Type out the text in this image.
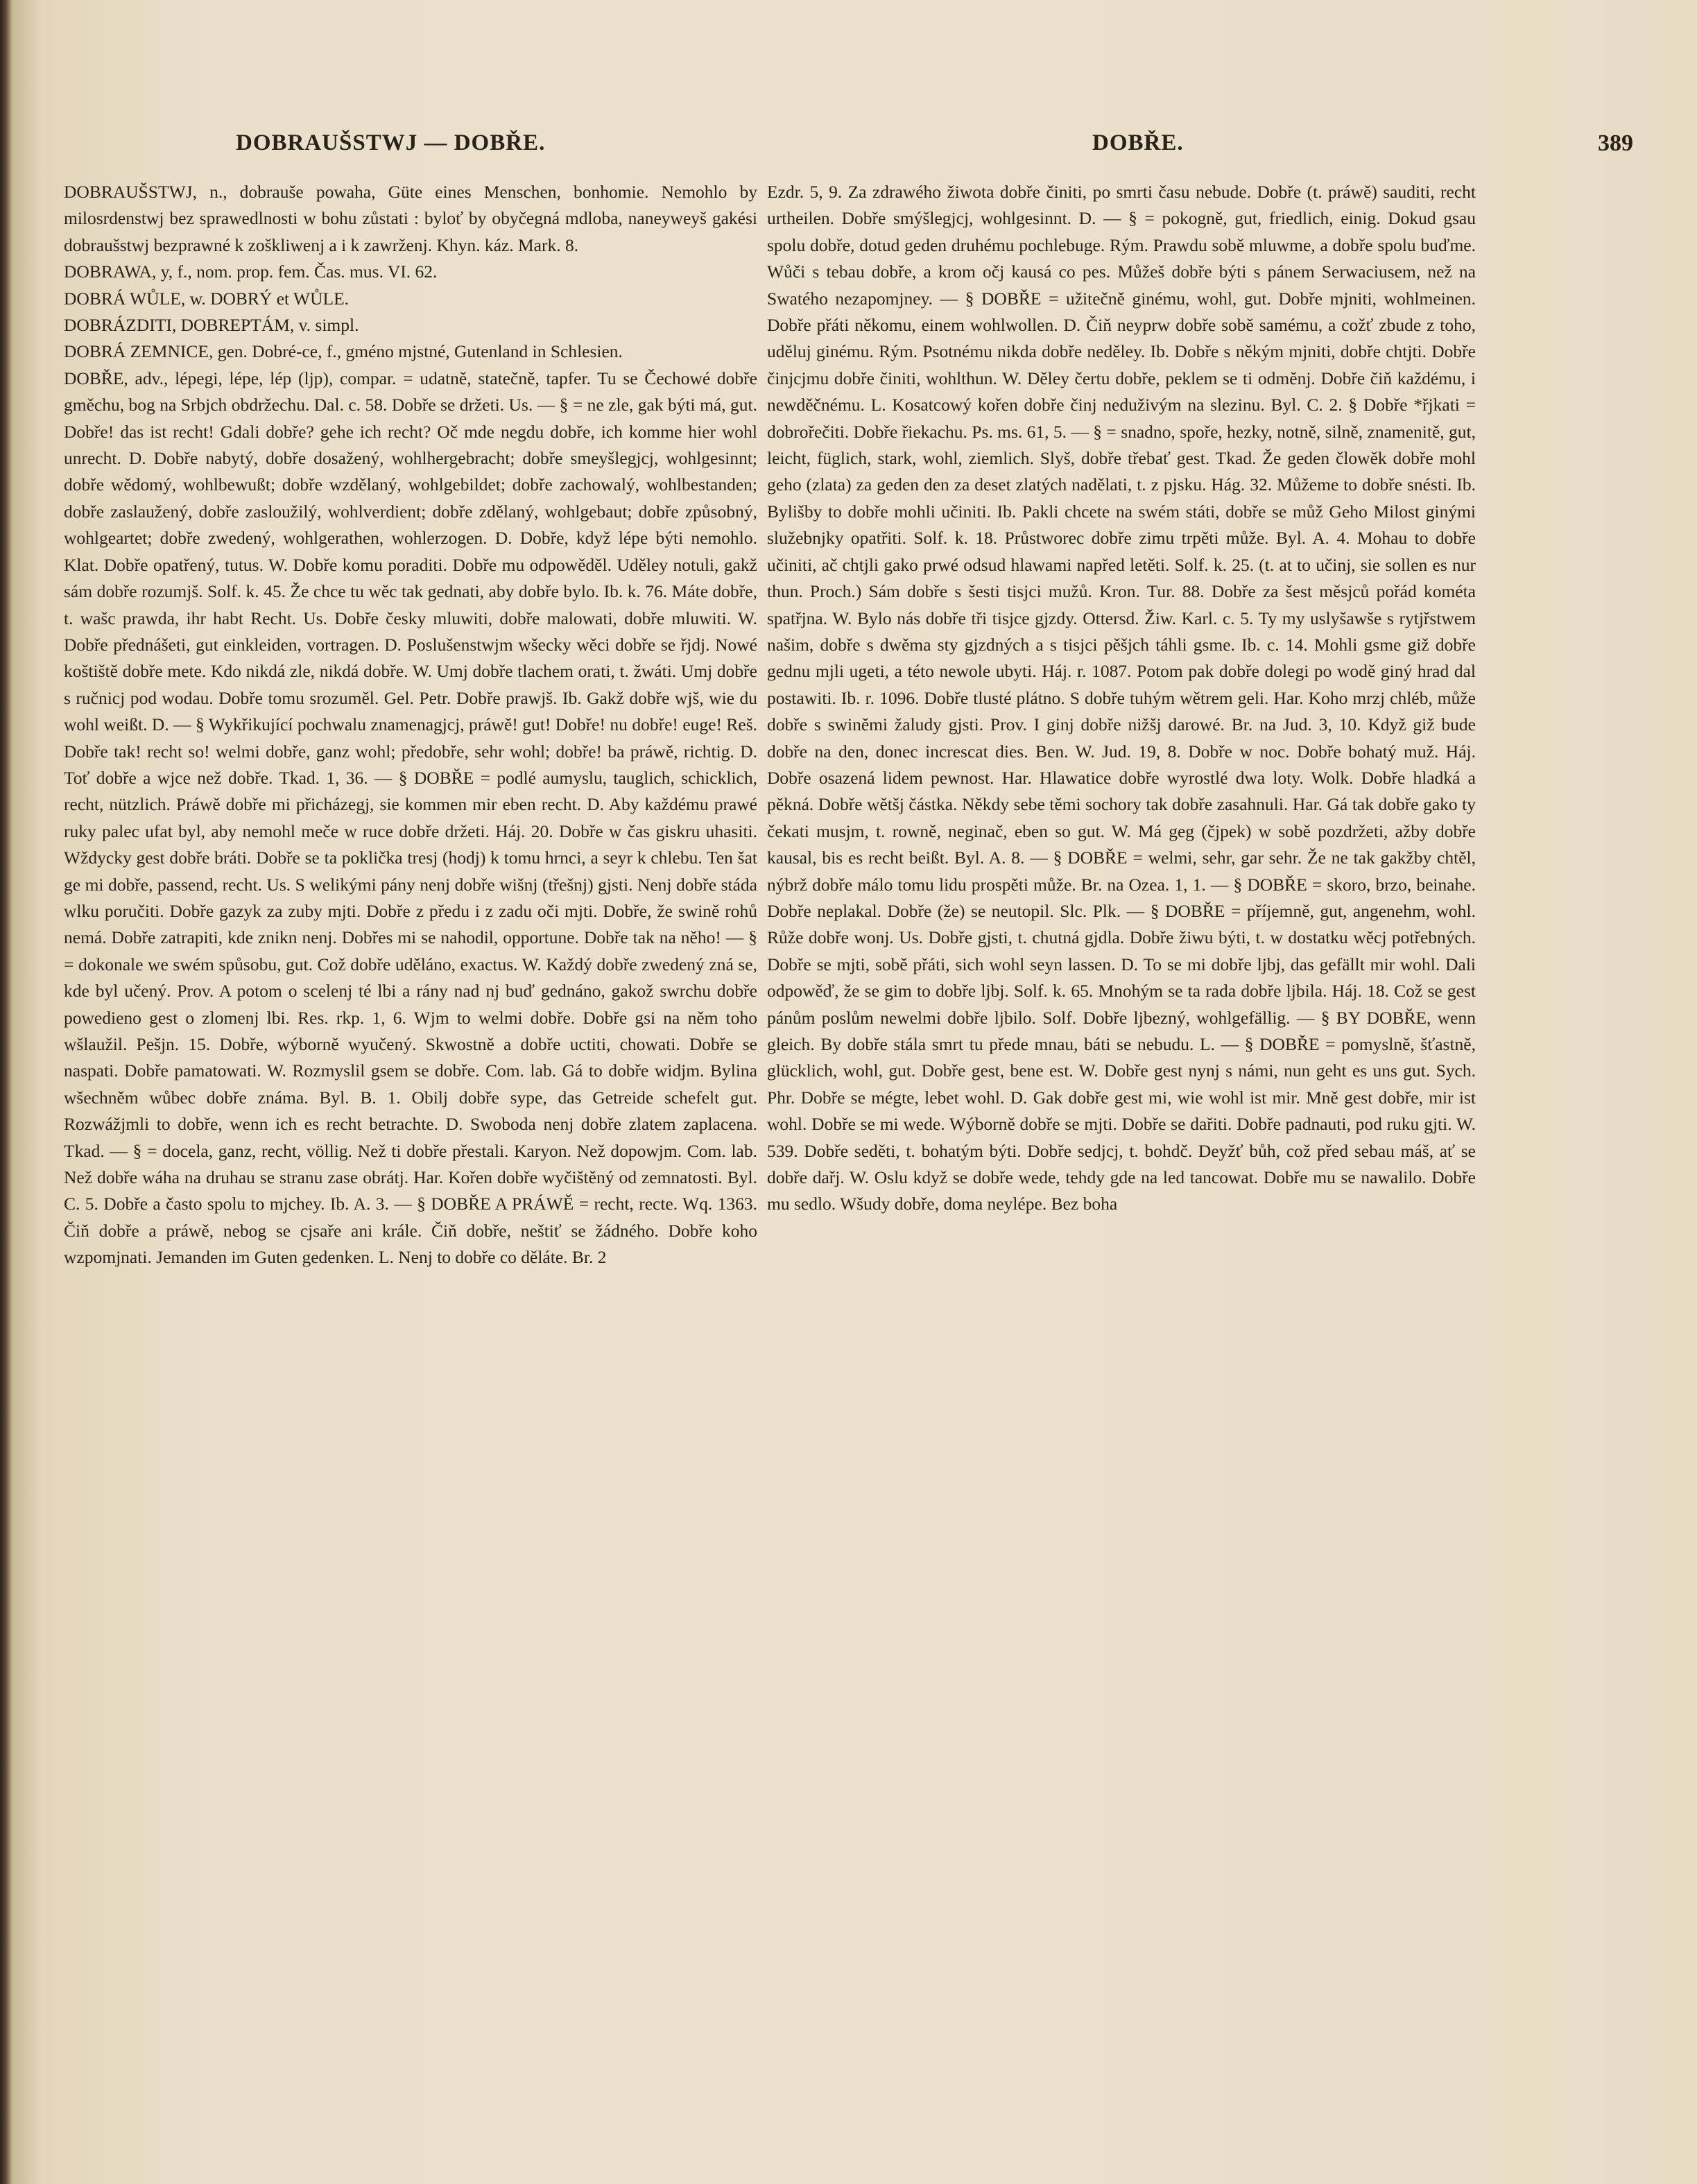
DOBRAUŠSTWJ — DOBŘE.	DOBŘE.	389

DOBRAUŠSTWJ, n., dobrauše powaha, Güte eines Menschen, bonhomie. Nemohlo by milosrdenstwj bez sprawedlnosti w bohu zůstati : byloť by obyčegná mdloba, naneyweyš gakési dobraušstwj bezprawné k zoškliwenj a i k zawrženj. Khyn. káz. Mark. 8.

DOBRAWA, y, f., nom. prop. fem. Čas. mus. VI. 62.

DOBRÁ WŮLE, w. DOBRÝ et WŮLE.

DOBRÁZDITI, DOBREPTÁM, v. simpl.

DOBRÁ ZEMNICE, gen. Dobré-ce, f., gméno mjstné, Gutenland in Schlesien.

DOBŘE, adv., lépegi, lépe, lép (ljp), compar. = udatně, statečně, tapfer. Tu se Čechowé dobře gměchu, bog na Srbjch obdržechu. Dal. c. 58. Dobře se držeti. Us. — § = ne zle, gak býti má, gut. Dobře! das ist recht! Gdali dobře? gehe ich recht? Oč mde negdu dobře, ich komme hier wohl unrecht. D. Dobře nabytý, dobře dosažený, wohlhergebracht; dobře smeyšlegjcj, wohlgesinnt; dobře wědomý, wohlbewußt; dobře wzdělaný, wohlgebildet; dobře zachowalý, wohlbestanden; dobře zaslaužený, dobře zasloužilý, wohlverdient; dobře zdělaný, wohlgebaut; dobře způsobný, wohlgeartet; dobře zwedený, wohlgerathen, wohlerzogen. D. Dobře, když lépe býti nemohlo. Klat. Dobře opatřený, tutus. W. Dobře komu poraditi. Dobře mu odpowěděl. Uděley notuli, gakž sám dobře rozumjš. Solf. k. 45. Že chce tu wěc tak gednati, aby dobře bylo. Ib. k. 76. Máte dobře, t. wašc prawda, ihr habt Recht. Us. Dobře česky mluwiti, dobře malowati, dobře mluwiti. W. Dobře přednášeti, gut einkleiden, vortragen. D. Poslušenstwjm wšecky wěci dobře se řjdj. Nowé koštiště dobře mete. Kdo nikdá zle, nikdá dobře. W. Umj dobře tlachem orati, t. žwáti. Umj dobře s ručnicj pod wodau. Dobře tomu srozuměl. Gel. Petr. Dobře prawjš. Ib. Gakž dobře wjš, wie du wohl weißt. D. — § Wykřikující pochwalu znamenagjcj, práwě! gut! Dobře! nu dobře! euge! Reš. Dobře tak! recht so! welmi dobře, ganz wohl; předobře, sehr wohl; dobře! ba práwě, richtig. D. Toť dobře a wjce než dobře. Tkad. 1, 36. — § DOBŘE = podlé aumyslu, tauglich, schicklich, recht, nützlich. Práwě dobře mi přicházegj, sie kommen mir eben recht. D. Aby každému prawé ruky palec ufat byl, aby nemohl meče w ruce dobře držeti. Háj. 20. Dobře w čas giskru uhasiti. Wždycky gest dobře bráti. Dobře se ta poklička tresj (hodj) k tomu hrnci, a seyr k chlebu. Ten šat ge mi dobře, passend, recht. Us. S welikými pány nenj dobře wišnj (třešnj) gjsti. Nenj dobře stáda wlku poručiti. Dobře gazyk za zuby mjti. Dobře z předu i z zadu oči mjti. Dobře, že swině rohů nemá. Dobře zatrapiti, kde znikn nenj. Dobřes mi se nahodil, opportune. Dobře tak na něho! — § = dokonale we swém spůsobu, gut. Což dobře uděláno, exactus. W. Každý dobře zwedený zná se, kde byl učený. Prov. A potom o scelenj té lbi a rány nad nj buď gednáno, gakož swrchu dobře powedieno gest o zlomenj lbi. Res. rkp. 1, 6. Wjm to welmi dobře. Dobře gsi na něm toho wšlaužil. Pešjn. 15. Dobře, wýborně wyučený. Skwostně a dobře uctiti, chowati. Dobře se naspati. Dobře pamatowati. W. Rozmyslil gsem se dobře. Com. lab. Gá to dobře widjm. Bylina wšechněm wůbec dobře známa. Byl. B. 1. Obilj dobře sype, das Getreide schefelt gut. Rozwážjmli to dobře, wenn ich es recht betrachte. D. Swoboda nenj dobře zlatem zaplacena. Tkad. — § = docela, ganz, recht, völlig. Než ti dobře přestali. Karyon. Než dopowjm. Com. lab. Než dobře wáha na druhau se stranu zase obrátj. Har. Kořen dobře wyčištěný od zemnatosti. Byl. C. 5. Dobře a často spolu to mjchey. Ib. A. 3. — § DOBŘE A PRÁWĚ = recht, recte. Wq. 1363. Čiň dobře a práwě, nebog se cjsaře ani krále. Čiň dobře, neštiť se žádného. Dobře koho wzpomjnati. Jemanden im Guten gedenken. L. Nenj to dobře co děláte. Br. 2

Ezdr. 5, 9. Za zdrawého žiwota dobře činiti, po smrti času nebude. Dobře (t. práwě) sauditi, recht urtheilen. Dobře smýšlegjcj, wohlgesinnt. D. — § = pokogně, gut, friedlich, einig. Dokud gsau spolu dobře, dotud geden druhému pochlebuge. Rým. Prawdu sobě mluwme, a dobře spolu buďme. Wůči s tebau dobře, a krom očj kausá co pes. Můžeš dobře býti s pánem Serwaciusem, než na Swatého nezapomjney. — § DOBŘE = užitečně ginému, wohl, gut. Dobře mjniti, wohlmeinen. Dobře přáti někomu, einem wohlwollen. D. Čiň neyprw dobře sobě samému, a cožť zbude z toho, uděluj ginému. Rým. Psotnému nikda dobře neděley. Ib. Dobře s někým mjniti, dobře chtjti. Dobře činjcjmu dobře činiti, wohlthun. W. Děley čertu dobře, peklem se ti odměnj. Dobře čiň každému, i newděčnému. L. Kosatcowý kořen dobře činj neduživým na slezinu. Byl. C. 2. § Dobře *řjkati = dobrořečiti. Dobře řiekachu. Ps. ms. 61, 5. — § = snadno, spoře, hezky, notně, silně, znamenitě, gut, leicht, füglich, stark, wohl, ziemlich. Slyš, dobře třebať gest. Tkad. Že geden člowěk dobře mohl geho (zlata) za geden den za deset zlatých nadělati, t. z pjsku. Hág. 32. Můžeme to dobře snésti. Ib. Bylišby to dobře mohli učiniti. Ib. Pakli chcete na swém státi, dobře se můž Geho Milost ginými služebnjky opatřiti. Solf. k. 18. Průstworec dobře zimu trpěti může. Byl. A. 4. Mohau to dobře učiniti, ač chtjli gako prwé odsud hlawami napřed letěti. Solf. k. 25. (t. at to učinj, sie sollen es nur thun. Proch.) Sám dobře s šesti tisjci mužů. Kron. Tur. 88. Dobře za šest měsjců pořád kométa spatřjna. W. Bylo nás dobře tři tisjce gjzdy. Ottersd. Žiw. Karl. c. 5. Ty my uslyšawše s rytjřstwem našim, dobře s dwěma sty gjzdných a s tisjci pěšjch táhli gsme. Ib. c. 14. Mohli gsme giž dobře gednu mjli ugeti, a této newole ubyti. Háj. r. 1087. Potom pak dobře dolegi po wodě giný hrad dal postawiti. Ib. r. 1096. Dobře tlusté plátno. S dobře tuhým wětrem geli. Har. Koho mrzj chléb, může dobře s swiněmi žaludy gjsti. Prov. I ginj dobře nižšj darowé. Br. na Jud. 3, 10. Když giž bude dobře na den, donec increscat dies. Ben. W. Jud. 19, 8. Dobře w noc. Dobře bohatý muž. Háj. Dobře osazená lidem pewnost. Har. Hlawatice dobře wyrostlé dwa loty. Wolk. Dobře hladká a pěkná. Dobře wětšj částka. Někdy sebe těmi sochory tak dobře zasahnuli. Har. Gá tak dobře gako ty čekati musjm, t. rowně, neginač, eben so gut. W. Má geg (čjpek) w sobě pozdržeti, ažby dobře kausal, bis es recht beißt. Byl. A. 8. — § DOBŘE = welmi, sehr, gar sehr. Že ne tak gakžby chtěl, nýbrž dobře málo tomu lidu prospěti může. Br. na Ozea. 1, 1. — § DOBŘE = skoro, brzo, beinahe. Dobře neplakal. Dobře (že) se neutopil. Slc. Plk. — § DOBŘE = příjemně, gut, angenehm, wohl. Růže dobře wonj. Us. Dobře gjsti, t. chutná gjdla. Dobře žiwu býti, t. w dostatku wěcj potřebných. Dobře se mjti, sobě přáti, sich wohl seyn lassen. D. To se mi dobře ljbj, das gefällt mir wohl. Dali odpowěď, že se gim to dobře ljbj. Solf. k. 65. Mnohým se ta rada dobře ljbila. Háj. 18. Což se gest pánům poslům newelmi dobře ljbilo. Solf. Dobře ljbezný, wohlgefällig. — § BY DOBŘE, wenn gleich. By dobře stála smrt tu přede mnau, báti se nebudu. L. — § DOBŘE = pomyslně, šťastně, glücklich, wohl, gut. Dobře gest, bene est. W. Dobře gest nynj s námi, nun geht es uns gut. Sych. Phr. Dobře se mégte, lebet wohl. D. Gak dobře gest mi, wie wohl ist mir. Mně gest dobře, mir ist wohl. Dobře se mi wede. Wýborně dobře se mjti. Dobře se dařiti. Dobře padnauti, pod ruku gjti. W. 539. Dobře seděti, t. bohatým býti. Dobře sedjcj, t. bohdč. Deyžť bůh, což před sebau máš, ať se dobře dařj. W. Oslu když se dobře wede, tehdy gde na led tancowat. Dobře mu se nawalilo. Dobře mu sedlo. Wšudy dobře, doma neylépe. Bez boha
